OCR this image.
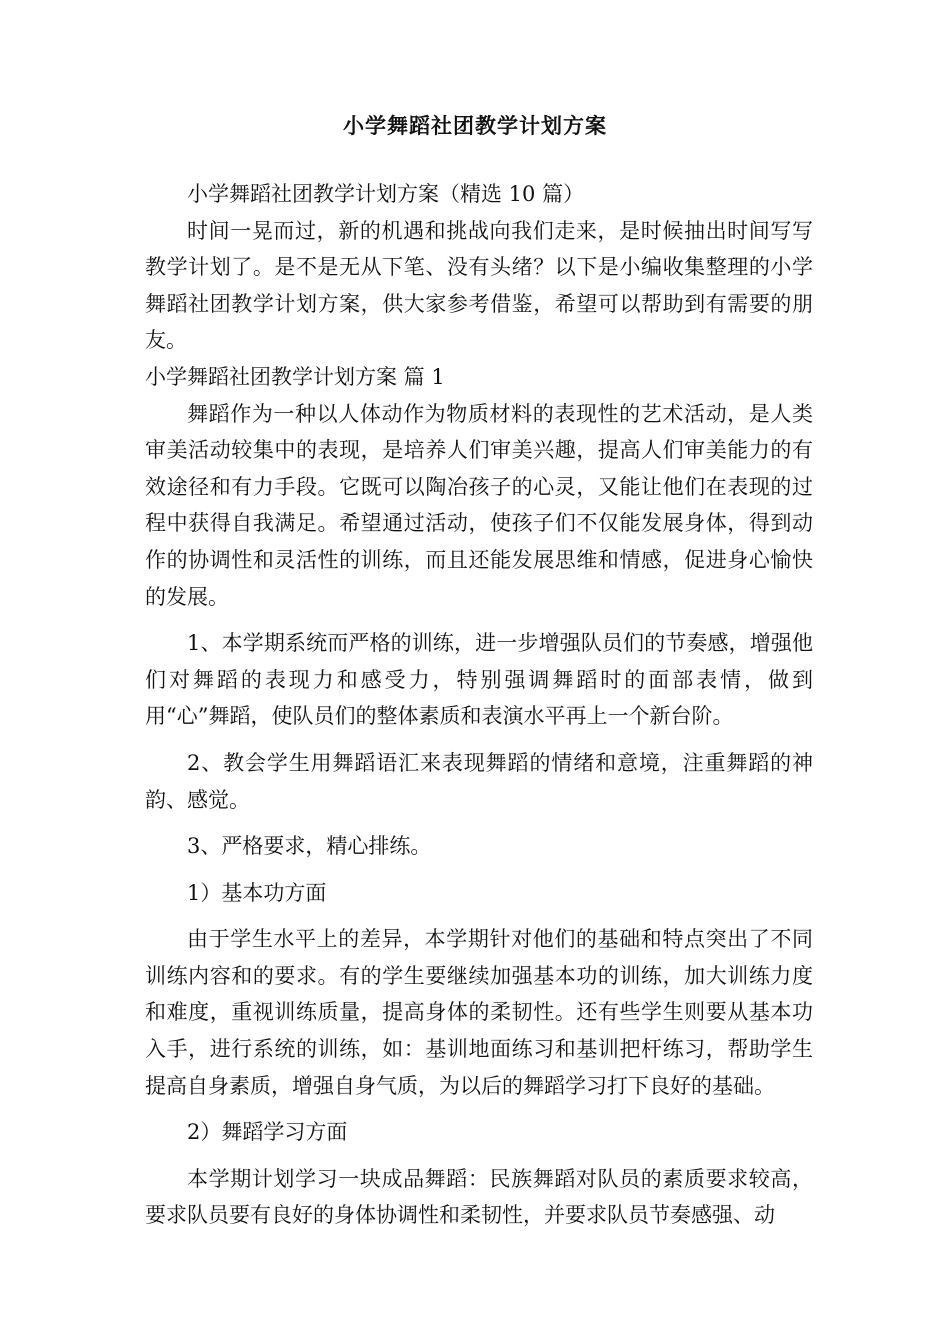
小学舞蹈社团教学计划方案

小学舞蹈社团教学计划方案（精选 10 篇）

时间一晃而过，新的机遇和挑战向我们走来，是时候抽出时间写写教学计划了。是不是无从下笔、没有头绪？以下是小编收集整理的小学舞蹈社团教学计划方案，供大家参考借鉴，希望可以帮助到有需要的朋友。

小学舞蹈社团教学计划方案 篇 1

舞蹈作为一种以人体动作为物质材料的表现性的艺术活动，是人类审美活动较集中的表现，是培养人们审美兴趣，提高人们审美能力的有效途径和有力手段。它既可以陶冶孩子的心灵，又能让他们在表现的过程中获得自我满足。希望通过活动，使孩子们不仅能发展身体，得到动作的协调性和灵活性的训练，而且还能发展思维和情感，促进身心愉快的发展。

1、本学期系统而严格的训练，进一步增强队员们的节奏感，增强他们对舞蹈的表现力和感受力，特别强调舞蹈时的面部表情，做到用“心”舞蹈，使队员们的整体素质和表演水平再上一个新台阶。

2、教会学生用舞蹈语汇来表现舞蹈的情绪和意境，注重舞蹈的神韵、感觉。

3、严格要求，精心排练。

1）基本功方面

由于学生水平上的差异，本学期针对他们的基础和特点突出了不同训练内容和的要求。有的学生要继续加强基本功的训练，加大训练力度和难度，重视训练质量，提高身体的柔韧性。还有些学生则要从基本功入手，进行系统的训练，如：基训地面练习和基训把杆练习，帮助学生提高自身素质，增强自身气质，为以后的舞蹈学习打下良好的基础。

2）舞蹈学习方面

本学期计划学习一块成品舞蹈：民族舞蹈对队员的素质要求较高，要求队员要有良好的身体协调性和柔韧性，并要求队员节奏感强、动
